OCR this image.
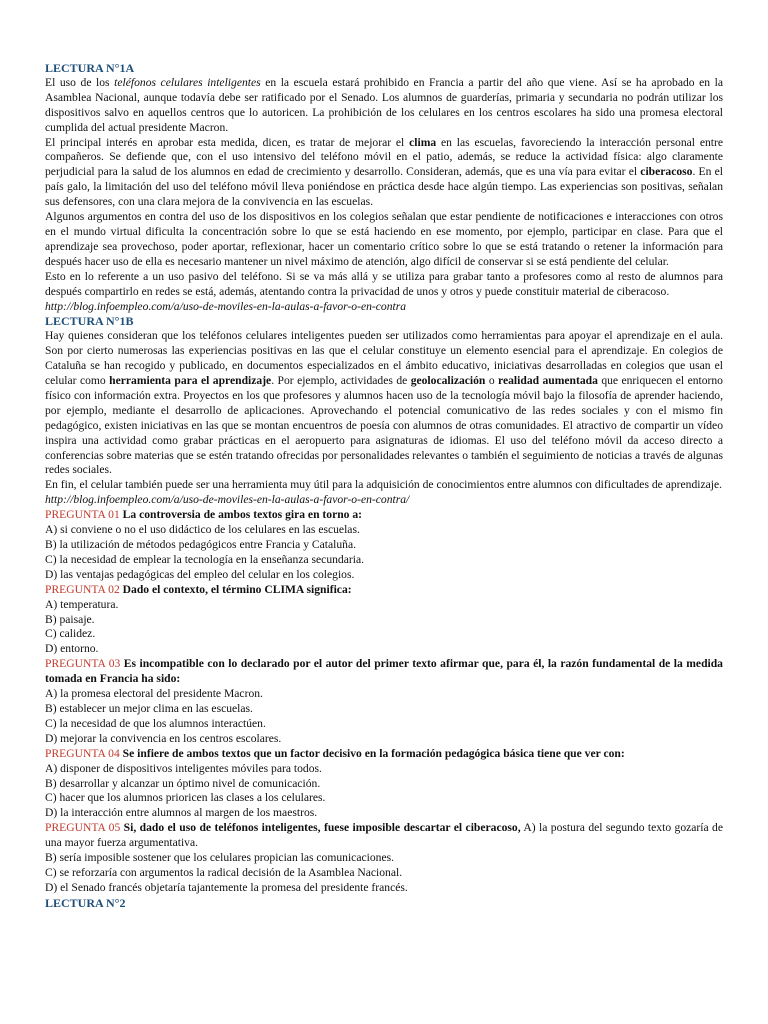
LECTURA N°1A

El uso de los teléfonos celulares inteligentes en la escuela estará prohibido en Francia a partir del año que viene. Así se ha aprobado en la Asamblea Nacional, aunque todavía debe ser ratificado por el Senado. Los alumnos de guarderías, primaria y secundaria no podrán utilizar los dispositivos salvo en aquellos centros que lo autoricen. La prohibición de los celulares en los centros escolares ha sido una promesa electoral cumplida del actual presidente Macron.

El principal interés en aprobar esta medida, dicen, es tratar de mejorar el clima en las escuelas, favoreciendo la interacción personal entre compañeros. Se defiende que, con el uso intensivo del teléfono móvil en el patio, además, se reduce la actividad física: algo claramente perjudicial para la salud de los alumnos en edad de crecimiento y desarrollo. Consideran, además, que es una vía para evitar el ciberacoso. En el país galo, la limitación del uso del teléfono móvil lleva poniéndose en práctica desde hace algún tiempo. Las experiencias son positivas, señalan sus defensores, con una clara mejora de la convivencia en las escuelas.

Algunos argumentos en contra del uso de los dispositivos en los colegios señalan que estar pendiente de notificaciones e interacciones con otros en el mundo virtual dificulta la concentración sobre lo que se está haciendo en ese momento, por ejemplo, participar en clase. Para que el aprendizaje sea provechoso, poder aportar, reflexionar, hacer un comentario crítico sobre lo que se está tratando o retener la información para después hacer uso de ella es necesario mantener un nivel máximo de atención, algo difícil de conservar si se está pendiente del celular.

Esto en lo referente a un uso pasivo del teléfono. Si se va más allá y se utiliza para grabar tanto a profesores como al resto de alumnos para después compartirlo en redes se está, además, atentando contra la privacidad de unos y otros y puede constituir material de ciberacoso.

http://blog.infoempleo.com/a/uso-de-moviles-en-la-aulas-a-favor-o-en-contra
LECTURA N°1B

Hay quienes consideran que los teléfonos celulares inteligentes pueden ser utilizados como herramientas para apoyar el aprendizaje en el aula. Son por cierto numerosas las experiencias positivas en las que el celular constituye un elemento esencial para el aprendizaje. En colegios de Cataluña se han recogido y publicado, en documentos especializados en el ámbito educativo, iniciativas desarrolladas en colegios que usan el celular como herramienta para el aprendizaje. Por ejemplo, actividades de geolocalización o realidad aumentada que enriquecen el entorno físico con información extra. Proyectos en los que profesores y alumnos hacen uso de la tecnología móvil bajo la filosofía de aprender haciendo, por ejemplo, mediante el desarrollo de aplicaciones. Aprovechando el potencial comunicativo de las redes sociales y con el mismo fin pedagógico, existen iniciativas en las que se montan encuentros de poesía con alumnos de otras comunidades. El atractivo de compartir un vídeo inspira una actividad como grabar prácticas en el aeropuerto para asignaturas de idiomas. El uso del teléfono móvil da acceso directo a conferencias sobre materias que se estén tratando ofrecidas por personalidades relevantes o también el seguimiento de noticias a través de algunas redes sociales.

En fin, el celular también puede ser una herramienta muy útil para la adquisición de conocimientos entre alumnos con dificultades de aprendizaje.

http://blog.infoempleo.com/a/uso-de-moviles-en-la-aulas-a-favor-o-en-contra/

PREGUNTA 01 La controversia de ambos textos gira en torno a:

A) si conviene o no el uso didáctico de los celulares en las escuelas.
B) la utilización de métodos pedagógicos entre Francia y Cataluña.
C) la necesidad de emplear la tecnología en la enseñanza secundaria.
D) las ventajas pedagógicas del empleo del celular en los colegios.

PREGUNTA 02 Dado el contexto, el término CLIMA significa:

A) temperatura.
B) paisaje.
C) calidez.
D) entorno.

PREGUNTA 03 Es incompatible con lo declarado por el autor del primer texto afirmar que, para él, la razón fundamental de la medida tomada en Francia ha sido:

A) la promesa electoral del presidente Macron.
B) establecer un mejor clima en las escuelas.
C) la necesidad de que los alumnos interactúen.
D) mejorar la convivencia en los centros escolares.

PREGUNTA 04 Se infiere de ambos textos que un factor decisivo en la formación pedagógica básica tiene que ver con:

A) disponer de dispositivos inteligentes móviles para todos.
B) desarrollar y alcanzar un óptimo nivel de comunicación.
C) hacer que los alumnos prioricen las clases a los celulares.
D) la interacción entre alumnos al margen de los maestros.

PREGUNTA 05 Si, dado el uso de teléfonos inteligentes, fuese imposible descartar el ciberacoso, A) la postura del segundo texto gozaría de una mayor fuerza argumentativa.

B) sería imposible sostener que los celulares propician las comunicaciones.
C) se reforzaría con argumentos la radical decisión de la Asamblea Nacional.
D) el Senado francés objetaría tajantemente la promesa del presidente francés.
LECTURA N°2
